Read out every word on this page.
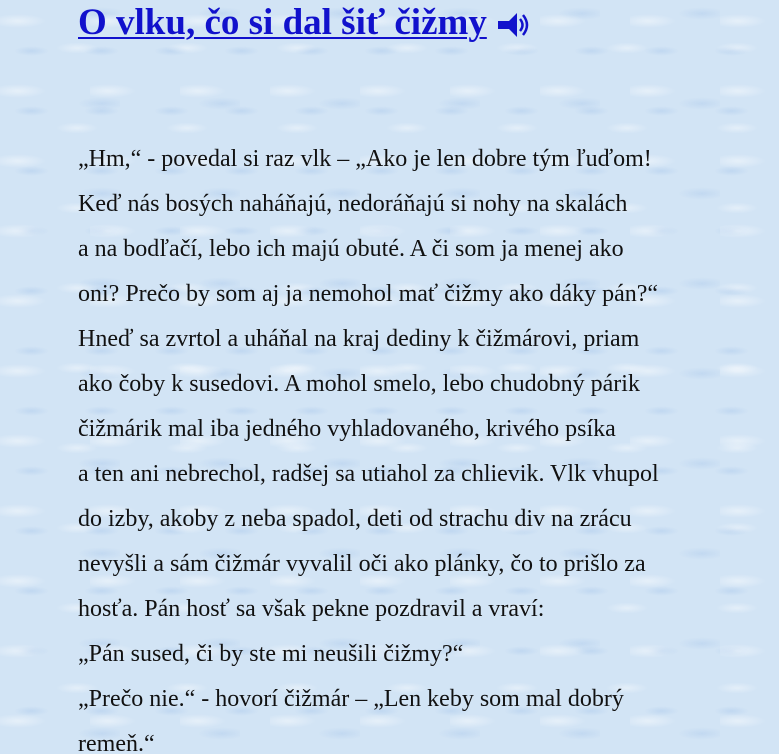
O vlku, čo si dal šiť čižmy
„Hm,“ - povedal si raz vlk – „Ako je len dobre tým ľuďom!
Keď nás bosých naháňajú, nedoráňajú si nohy na skalách
a na bodľačí, lebo ich majú obuté. A či som ja menej ako
oni? Prečo by som aj ja nemohol mať čižmy ako dáky pán?“
Hneď sa zvrtol a uháňal na kraj dediny k čižmárovi, priam
ako čoby k susedovi. A mohol smelo, lebo chudobný párik
čižmárik mal iba jedného vyhladovaného, krivého psíka
a ten ani nebrechol, radšej sa utiahol za chlievik. Vlk vhupol
do izby, akoby z neba spadol, deti od strachu div na zrácu
nevyšli a sám čižmár vyvalil oči ako plánky, čo to prišlo za
hosťa. Pán hosť sa však pekne pozdravil a vraví:
„Pán sused, či by ste mi neušili čižmy?“
„Prečo nie.“ - hovorí čižmár – „Len keby som mal dobrý
remeň.“
